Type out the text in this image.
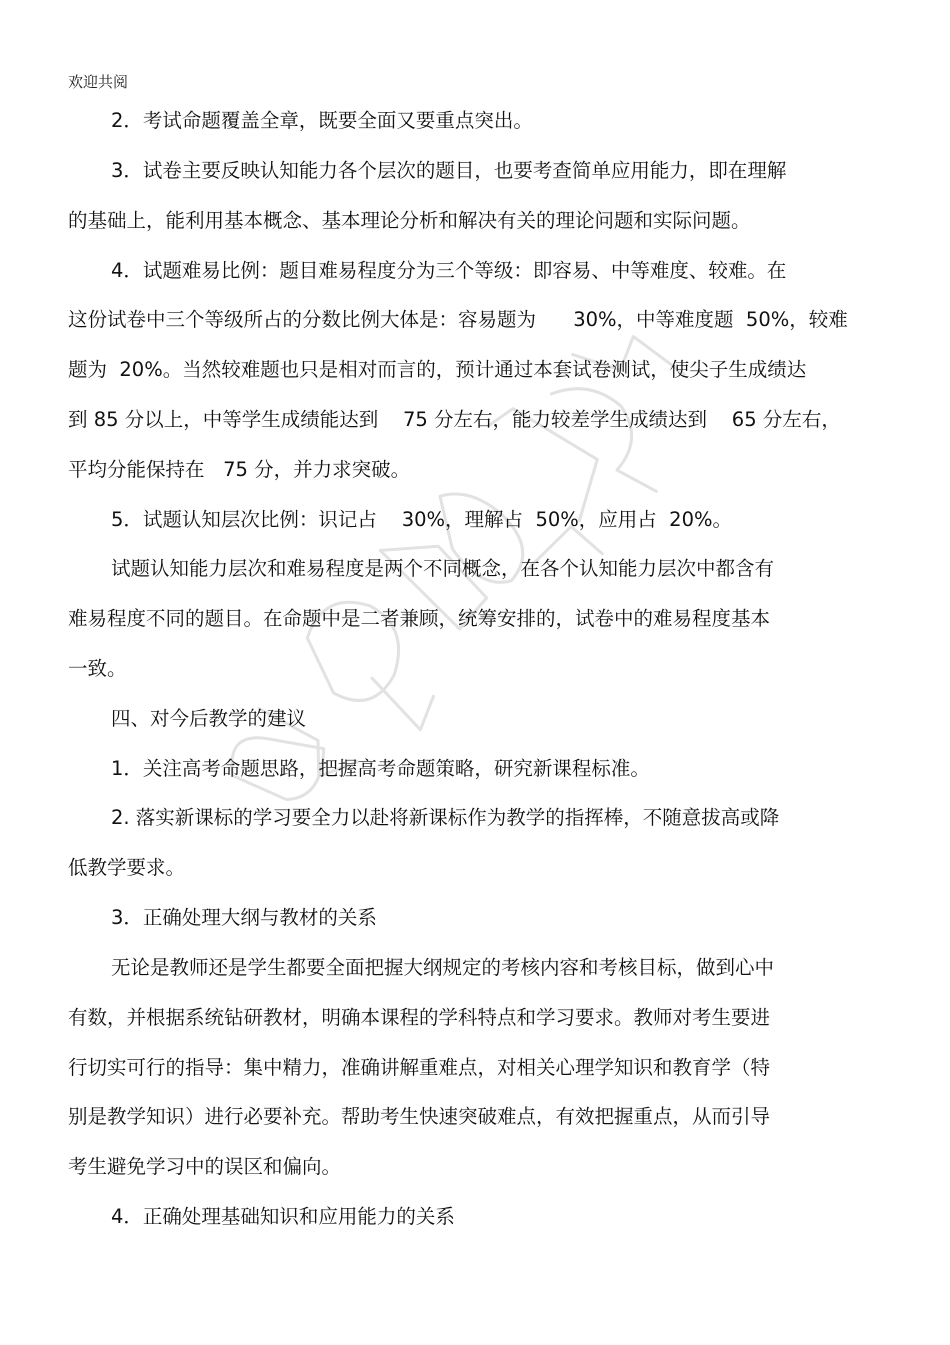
欢迎共阅
2．考试命题覆盖全章，既要全面又要重点突出。
3．试卷主要反映认知能力各个层次的题目，也要考查简单应用能力，即在理解
的基础上，能利用基本概念、基本理论分析和解决有关的理论问题和实际问题。
4．试题难易比例：题目难易程度分为三个等级：即容易、中等难度、较难。在
这份试卷中三个等级所占的分数比例大体是：容易题为      30%，中等难度题  50%，较难
题为  20%。当然较难题也只是相对而言的，预计通过本套试卷测试，使尖子生成绩达
到 85 分以上，中等学生成绩能达到    75 分左右，能力较差学生成绩达到    65 分左右，
平均分能保持在   75 分，并力求突破。
5．试题认知层次比例：识记占    30%，理解占  50%，应用占  20%。
试题认知能力层次和难易程度是两个不同概念，在各个认知能力层次中都含有
难易程度不同的题目。在命题中是二者兼顾，统筹安排的，试卷中的难易程度基本
一致。
四、对今后教学的建议
1．关注高考命题思路，把握高考命题策略，研究新课程标准。
2. 落实新课标的学习要全力以赴将新课标作为教学的指挥棒，不随意拔高或降
低教学要求。
3．正确处理大纲与教材的关系
无论是教师还是学生都要全面把握大纲规定的考核内容和考核目标，做到心中
有数，并根据系统钻研教材，明确本课程的学科特点和学习要求。教师对考生要进
行切实可行的指导：集中精力，准确讲解重难点，对相关心理学知识和教育学（特
别是教学知识）进行必要补充。帮助考生快速突破难点，有效把握重点，从而引导
考生避免学习中的误区和偏向。
4．正确处理基础知识和应用能力的关系
